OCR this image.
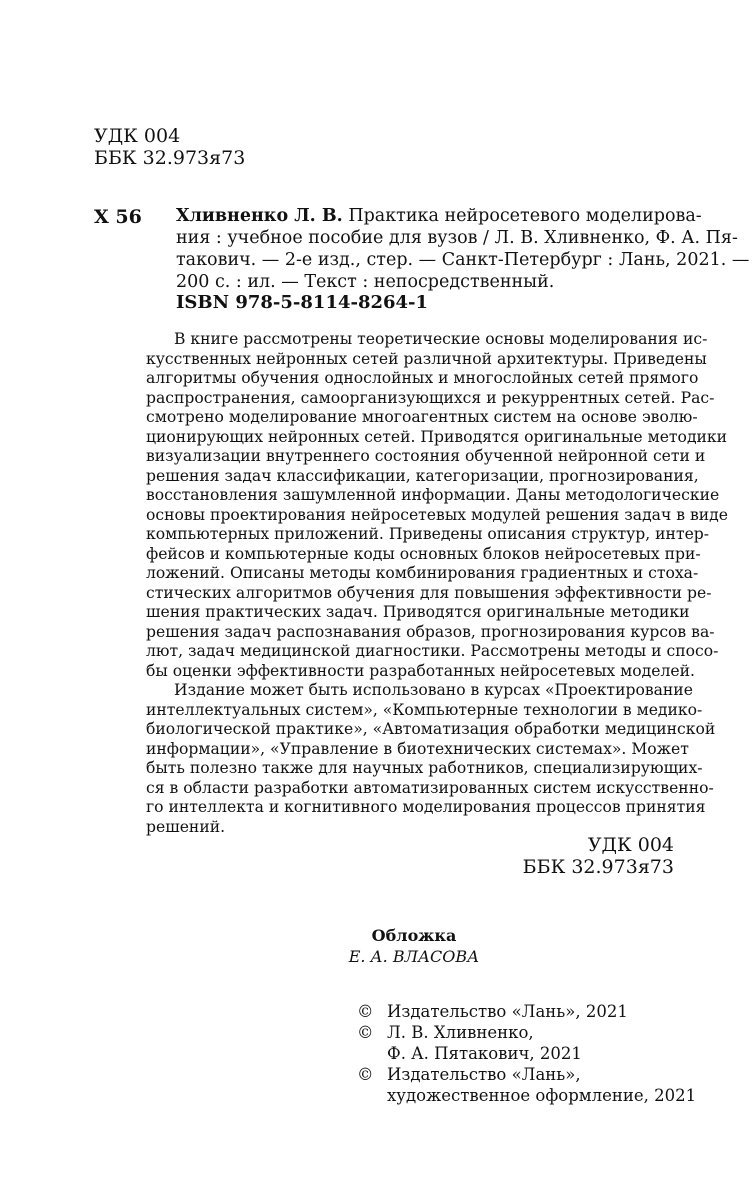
УДК 004
ББК 32.973я73
Х 56 Хливненко Л. В. Практика нейросетевого моделирова-
ния : учебное пособие для вузов / Л. В. Хливненко, Ф. А. Пя-
такович. — 2-е изд., стер. — Санкт-Петербург : Лань, 2021. —
200 с. : ил. — Текст : непосредственный.
ISBN 978-5-8114-8264-1
В книге рассмотрены теоретические основы моделирования ис-
кусственных нейронных сетей различной архитектуры. Приведены
алгоритмы обучения однослойных и многослойных сетей прямого
распространения, самоорганизующихся и рекуррентных сетей. Рас-
смотрено моделирование многоагентных систем на основе эволю-
ционирующих нейронных сетей. Приводятся оригинальные методики
визуализации внутреннего состояния обученной нейронной сети и
решения задач классификации, категоризации, прогнозирования,
восстановления зашумленной информации. Даны методологические
основы проектирования нейросетевых модулей решения задач в виде
компьютерных приложений. Приведены описания структур, интер-
фейсов и компьютерные коды основных блоков нейросетевых при-
ложений. Описаны методы комбинирования градиентных и стоха-
стических алгоритмов обучения для повышения эффективности ре-
шения практических задач. Приводятся оригинальные методики
решения задач распознавания образов, прогнозирования курсов ва-
лют, задач медицинской диагностики. Рассмотрены методы и спосо-
бы оценки эффективности разработанных нейросетевых моделей.
Издание может быть использовано в курсах «Проектирование
интеллектуальных систем», «Компьютерные технологии в медико-
биологической практике», «Автоматизация обработки медицинской
информации», «Управление в биотехнических системах». Может
быть полезно также для научных работников, специализирующих-
ся в области разработки автоматизированных систем искусственно-
го интеллекта и когнитивного моделирования процессов принятия
решений.
УДК 004
ББК 32.973я73
Обложка
Е. А. ВЛАСОВА
© Издательство «Лань», 2021
© Л. В. Хливненко,
Ф. А. Пятакович, 2021
© Издательство «Лань»,
художественное оформление, 2021
